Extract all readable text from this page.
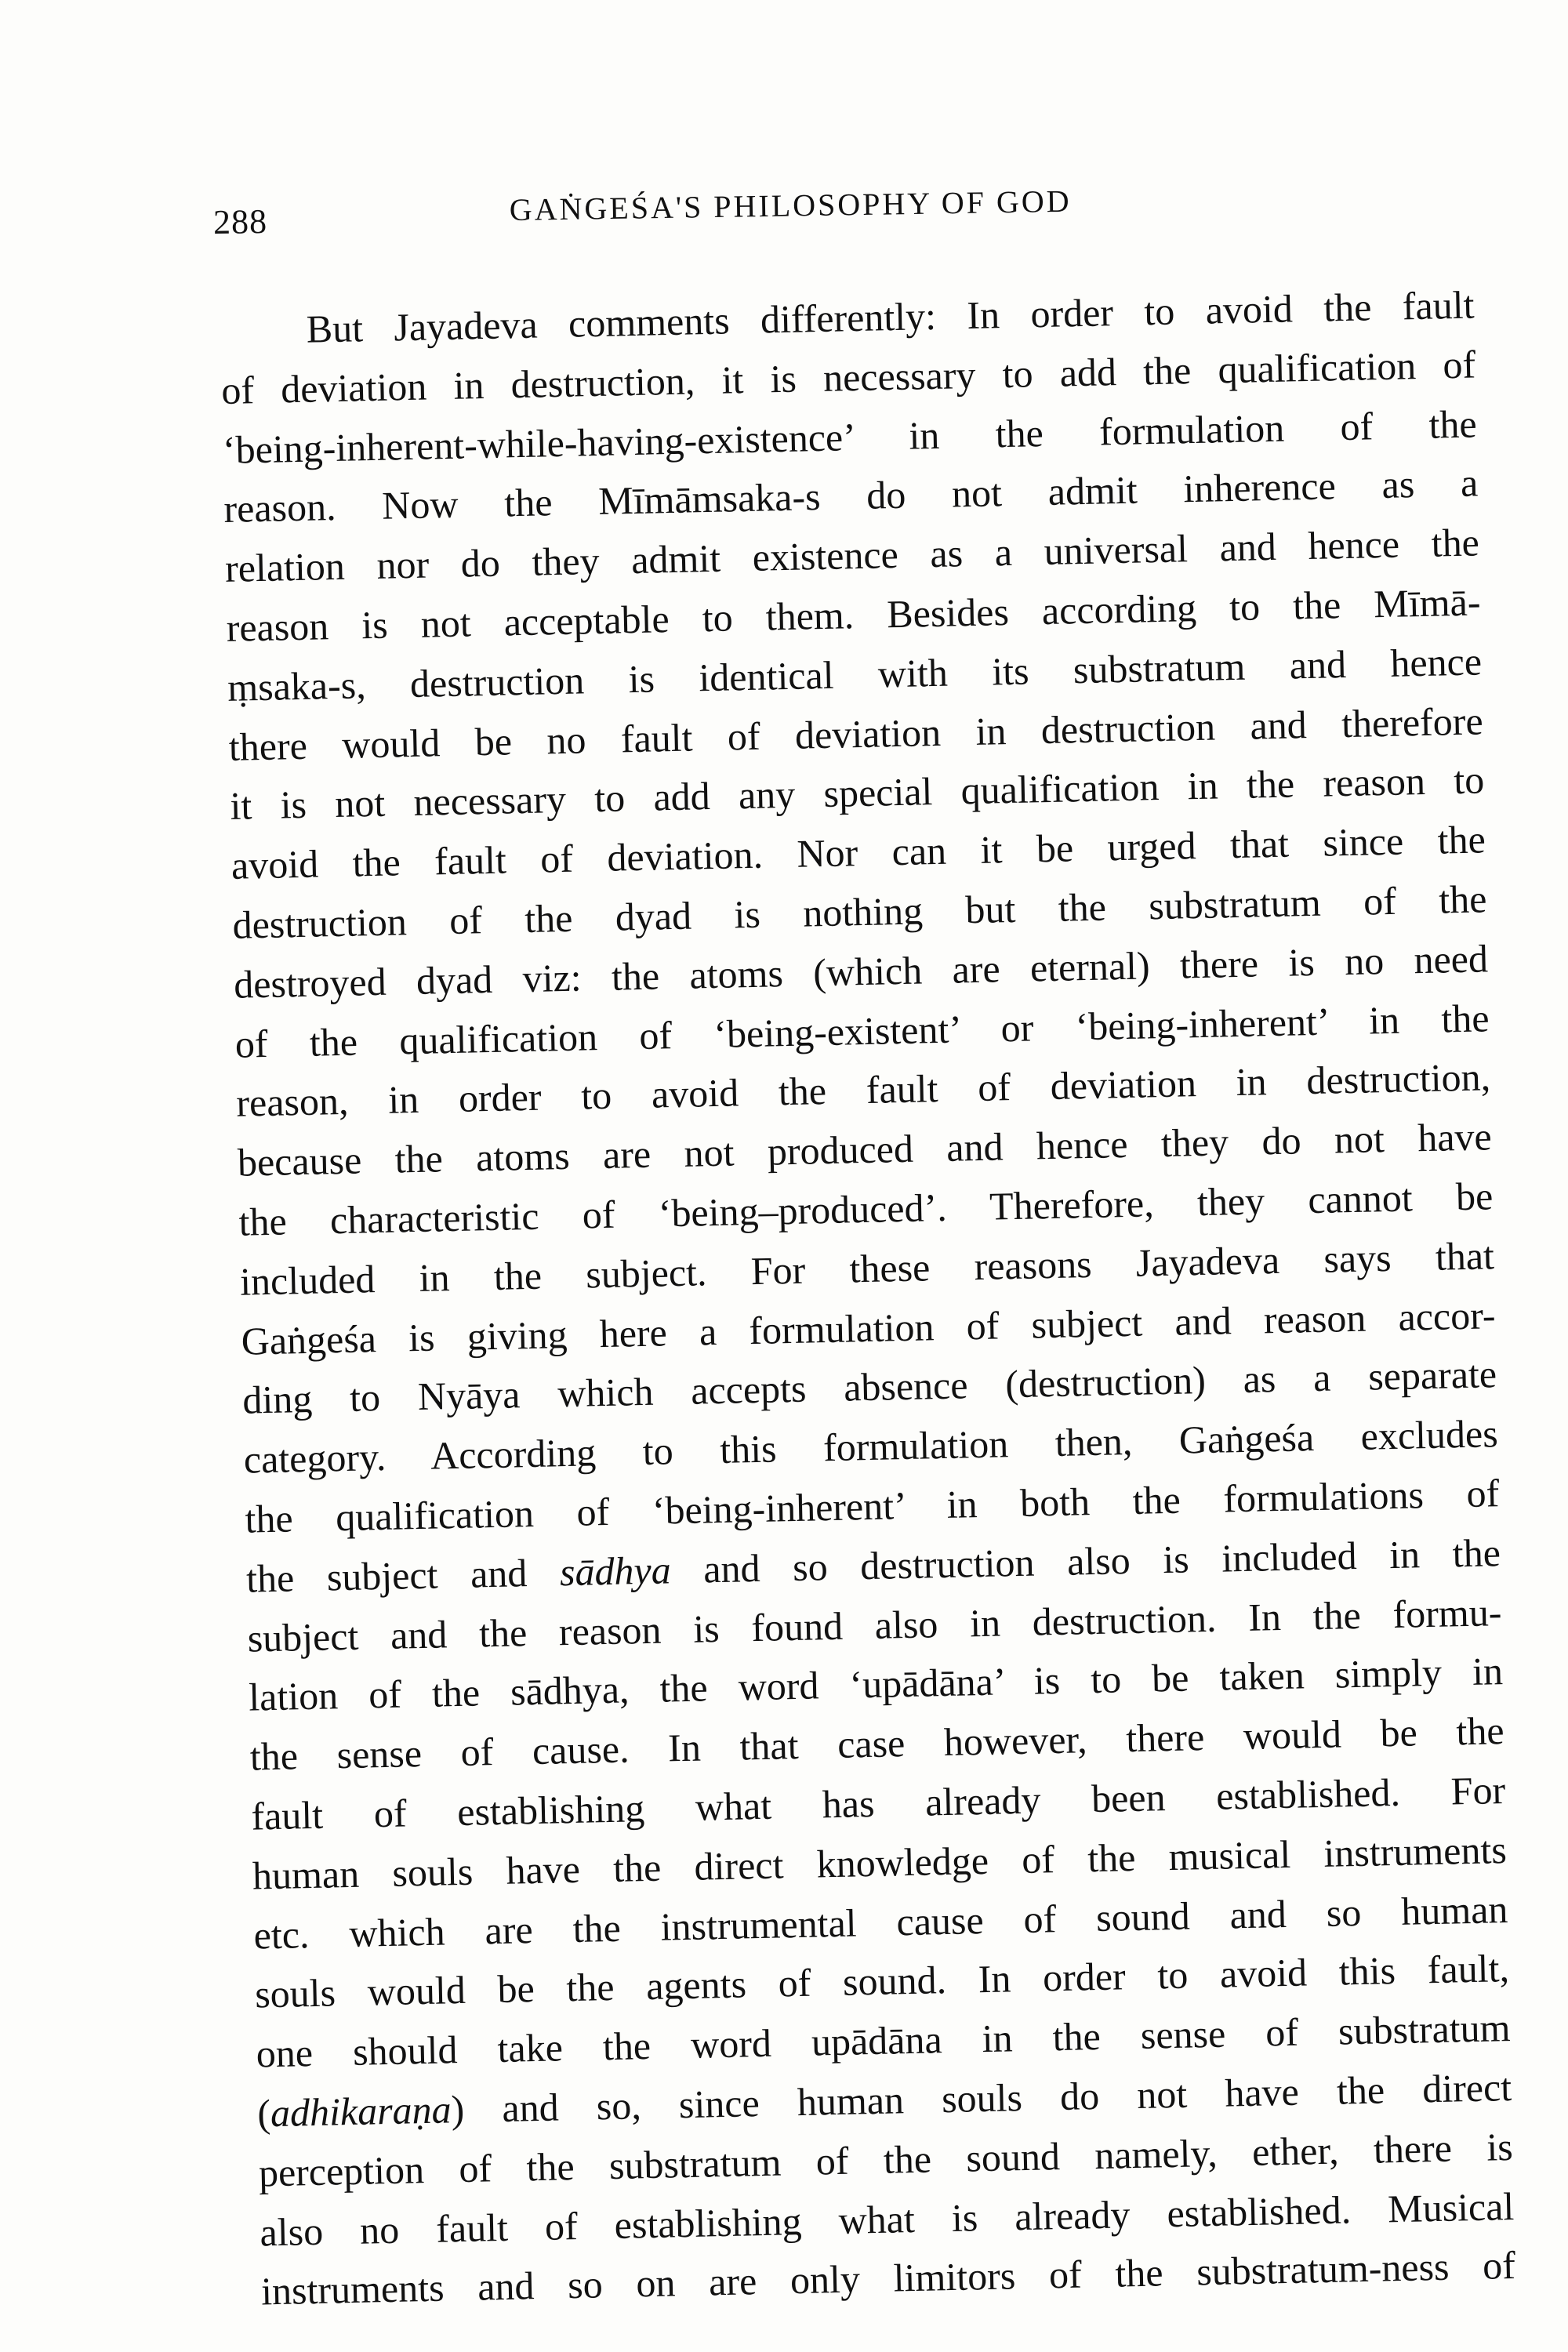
288	GAṄGEŚA'S PHILOSOPHY OF GOD
But Jayadeva comments differently: In order to avoid the fault
of deviation in destruction, it is necessary to add the qualification of
‘being-inherent-while-having-existence’ in the formulation of the
reason. Now the Mīmāmsaka-s do not admit inherence as a
relation nor do they admit existence as a universal and hence the
reason is not acceptable to them. Besides according to the Mīmā-
ṃsaka-s, destruction is identical with its substratum and hence
there would be no fault of deviation in destruction and therefore
it is not necessary to add any special qualification in the reason to
avoid the fault of deviation. Nor can it be urged that since the
destruction of the dyad is nothing but the substratum of the
destroyed dyad viz: the atoms (which are eternal) there is no need
of the qualification of ‘being-existent’ or ‘being-inherent’ in the
reason, in order to avoid the fault of deviation in destruction,
because the atoms are not produced and hence they do not have
the characteristic of ‘being–produced’. Therefore, they cannot be
included in the subject. For these reasons Jayadeva says that
Gaṅgeśa is giving here a formulation of subject and reason accor-
ding to Nyāya which accepts absence (destruction) as a separate
category. According to this formulation then, Gaṅgeśa excludes
the qualification of ‘being-inherent’ in both the formulations of
the subject and sādhya and so destruction also is included in the
subject and the reason is found also in destruction. In the formu-
lation of the sādhya, the word ‘upādāna’ is to be taken simply in
the sense of cause. In that case however, there would be the
fault of establishing what has already been established. For
human souls have the direct knowledge of the musical instruments
etc. which are the instrumental cause of sound and so human
souls would be the agents of sound. In order to avoid this fault,
one should take the word upādāna in the sense of substratum
(adhikaraṇa) and so, since human souls do not have the direct
perception of the substratum of the sound namely, ether, there is
also no fault of establishing what is already established. Musical
instruments and so on are only limitors of the substratum-ness of
